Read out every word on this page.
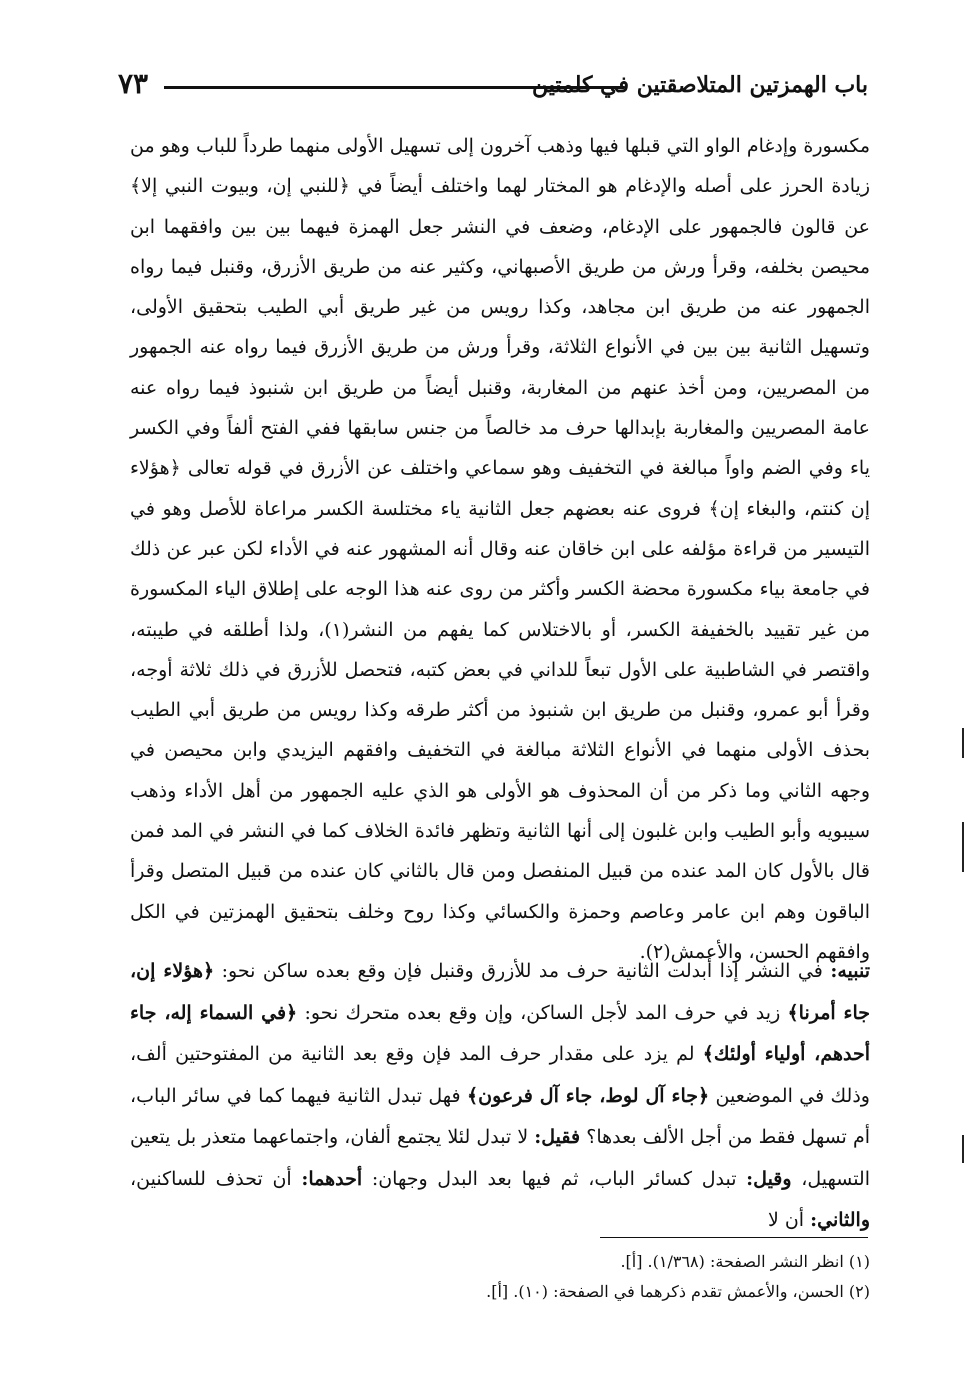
٧٣	باب الهمزتين المتلاصقتين في كلمتين

مكسورة وإدغام الواو التي قبلها فيها وذهب آخرون إلى تسهيل الأولى منهما طرداً للباب وهو من زيادة الحرز على أصله والإدغام هو المختار لهما واختلف أيضاً في ﴿للنبي إن، وبيوت النبي إلا﴾ عن قالون فالجمهور على الإدغام، وضعف في النشر جعل الهمزة فيهما بين بين وافقهما ابن محيصن بخلفه، وقرأ ورش من طريق الأصبهاني، وكثير عنه من طريق الأزرق، وقنبل فيما رواه الجمهور عنه من طريق ابن مجاهد، وكذا رويس من غير طريق أبي الطيب بتحقيق الأولى، وتسهيل الثانية بين بين في الأنواع الثلاثة، وقرأ ورش من طريق الأزرق فيما رواه عنه الجمهور من المصريين، ومن أخذ عنهم من المغاربة، وقنبل أيضاً من طريق ابن شنبوذ فيما رواه عنه عامة المصريين والمغاربة بإبدالها حرف مد خالصاً من جنس سابقها ففي الفتح ألفاً وفي الكسر ياء وفي الضم واواً مبالغة في التخفيف وهو سماعي واختلف عن الأزرق في قوله تعالى ﴿هؤلاء إن كنتم، والبغاء إن﴾ فروى عنه بعضهم جعل الثانية ياء مختلسة الكسر مراعاة للأصل وهو في التيسير من قراءة مؤلفه على ابن خاقان عنه وقال أنه المشهور عنه في الأداء لكن عبر عن ذلك في جامعة بياء مكسورة محضة الكسر وأكثر من روى عنه هذا الوجه على إطلاق الياء المكسورة من غير تقييد بالخفيفة الكسر، أو بالاختلاس كما يفهم من النشر(١)، ولذا أطلقه في طيبته، واقتصر في الشاطبية على الأول تبعاً للداني في بعض كتبه، فتحصل للأزرق في ذلك ثلاثة أوجه، وقرأ أبو عمرو، وقنبل من طريق ابن شنبوذ من أكثر طرقه وكذا رويس من طريق أبي الطيب بحذف الأولى منهما في الأنواع الثلاثة مبالغة في التخفيف وافقهم اليزيدي وابن محيصن في وجهه الثاني وما ذكر من أن المحذوف هو الأولى هو الذي عليه الجمهور من أهل الأداء وذهب سيبويه وأبو الطيب وابن غلبون إلى أنها الثانية وتظهر فائدة الخلاف كما في النشر في المد فمن قال بالأول كان المد عنده من قبيل المنفصل ومن قال بالثاني كان عنده من قبيل المتصل وقرأ الباقون وهم ابن عامر وعاصم وحمزة والكسائي وكذا روح وخلف بتحقيق الهمزتين في الكل وافقهم الحسن، والأعمش(٢).

تنبيه: في النشر إذا أبدلت الثانية حرف مد للأزرق وقنبل فإن وقع بعده ساكن نحو: ﴿هؤلاء إن، جاء أمرنا﴾ زيد في حرف المد لأجل الساكن، وإن وقع بعده متحرك نحو: ﴿في السماء إله، جاء أحدهم، أولياء أولئك﴾ لم يزد على مقدار حرف المد فإن وقع بعد الثانية من المفتوحتين ألف، وذلك في الموضعين ﴿جاء آل لوط، جاء آل فرعون﴾ فهل تبدل الثانية فيهما كما في سائر الباب، أم تسهل فقط من أجل الألف بعدها؟ فقيل: لا تبدل لئلا يجتمع ألفان، واجتماعهما متعذر بل يتعين التسهيل، وقيل: تبدل كسائر الباب، ثم فيها بعد البدل وجهان: أحدهما: أن تحذف للساكنين، والثاني: أن لا
(١) انظر النشر الصفحة: (١/٣٦٨). [أ].
(٢) الحسن، والأعمش تقدم ذكرهما في الصفحة: (١٠). [أ].
